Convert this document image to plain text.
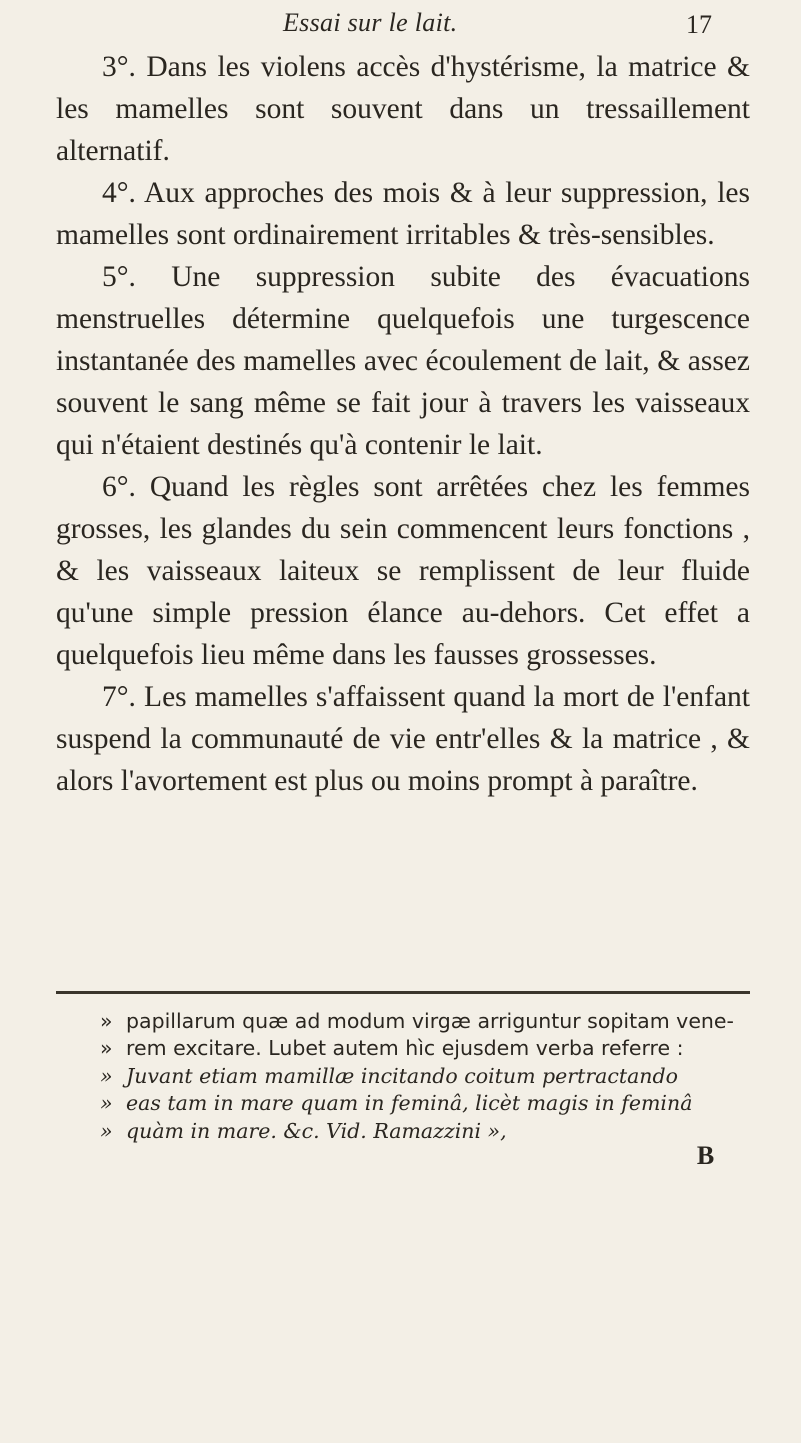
Essai sur le lait.	17

3°. Dans les violens accès d'hystérisme, la matrice & les mamelles sont souvent dans un tressaillement alternatif.

4°. Aux approches des mois & à leur suppression, les mamelles sont ordinairement irritables & très-sensibles.

5°. Une suppression subite des évacuations menstruelles détermine quelquefois une turgescence instantanée des mamelles avec écoulement de lait, & assez souvent le sang même se fait jour à travers les vaisseaux qui n'étaient destinés qu'à contenir le lait.

6°. Quand les règles sont arrêtées chez les femmes grosses, les glandes du sein commencent leurs fonctions , & les vaisseaux laiteux se remplissent de leur fluide qu'une simple pression élance au-dehors. Cet effet a quelquefois lieu même dans les fausses grossesses.

7°. Les mamelles s'affaissent quand la mort de l'enfant suspend la communauté de vie entr'elles & la matrice , & alors l'avortement est plus ou moins prompt à paraître.

» papillarum quæ ad modum virgæ arriguntur sopitam vene-
» rem excitare. Lubet autem hìc ejusdem verba referre :
» Juvant etiam mamillæ incitando coitum pertractando
» eas tam in mare quam in feminâ, licèt magis in feminâ
» quàm in mare. &c. Vid. Ramazzini »,
B
